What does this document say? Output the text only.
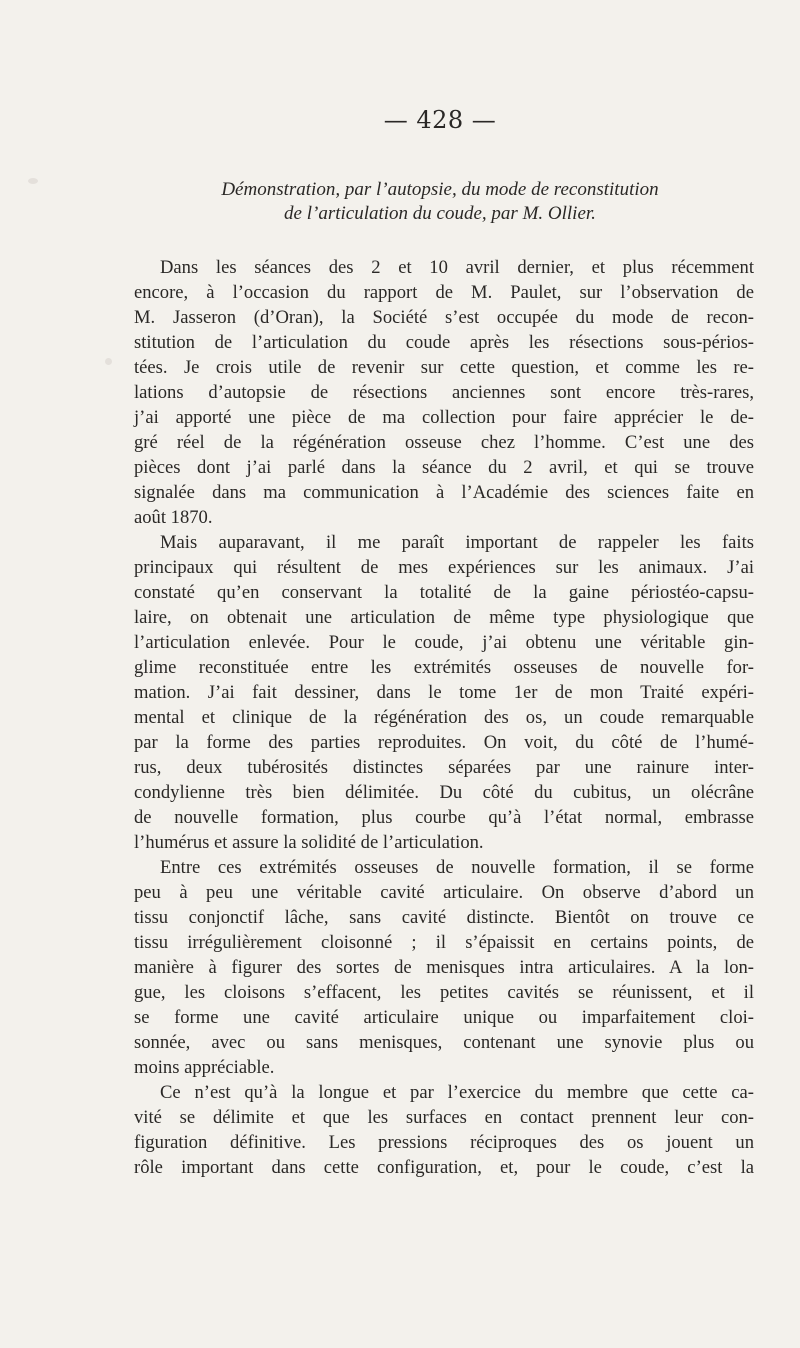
— 428 —
Démonstration, par l’autopsie, du mode de reconstitution
de l’articulation du coude, par M. Ollier.
Dans les séances des 2 et 10 avril dernier, et plus récemment
encore, à l’occasion du rapport de M. Paulet, sur l’observation de
M. Jasseron (d’Oran), la Société s’est occupée du mode de recon-
stitution de l’articulation du coude après les résections sous-périos-
tées. Je crois utile de revenir sur cette question, et comme les re-
lations d’autopsie de résections anciennes sont encore très-rares,
j’ai apporté une pièce de ma collection pour faire apprécier le de-
gré réel de la régénération osseuse chez l’homme. C’est une des
pièces dont j’ai parlé dans la séance du 2 avril, et qui se trouve
signalée dans ma communication à l’Académie des sciences faite en
août 1870.
Mais auparavant, il me paraît important de rappeler les faits
principaux qui résultent de mes expériences sur les animaux. J’ai
constaté qu’en conservant la totalité de la gaine périostéo-capsu-
laire, on obtenait une articulation de même type physiologique que
l’articulation enlevée. Pour le coude, j’ai obtenu une véritable gin-
glime reconstituée entre les extrémités osseuses de nouvelle for-
mation. J’ai fait dessiner, dans le tome 1er de mon Traité expéri-
mental et clinique de la régénération des os, un coude remarquable
par la forme des parties reproduites. On voit, du côté de l’humé-
rus, deux tubérosités distinctes séparées par une rainure inter-
condylienne très bien délimitée. Du côté du cubitus, un olécrâne
de nouvelle formation, plus courbe qu’à l’état normal, embrasse
l’humérus et assure la solidité de l’articulation.
Entre ces extrémités osseuses de nouvelle formation, il se forme
peu à peu une véritable cavité articulaire. On observe d’abord un
tissu conjonctif lâche, sans cavité distincte. Bientôt on trouve ce
tissu irrégulièrement cloisonné ; il s’épaissit en certains points, de
manière à figurer des sortes de menisques intra articulaires. A la lon-
gue, les cloisons s’effacent, les petites cavités se réunissent, et il
se forme une cavité articulaire unique ou imparfaitement cloi-
sonnée, avec ou sans menisques, contenant une synovie plus ou
moins appréciable.
Ce n’est qu’à la longue et par l’exercice du membre que cette ca-
vité se délimite et que les surfaces en contact prennent leur con-
figuration définitive. Les pressions réciproques des os jouent un
rôle important dans cette configuration, et, pour le coude, c’est la
